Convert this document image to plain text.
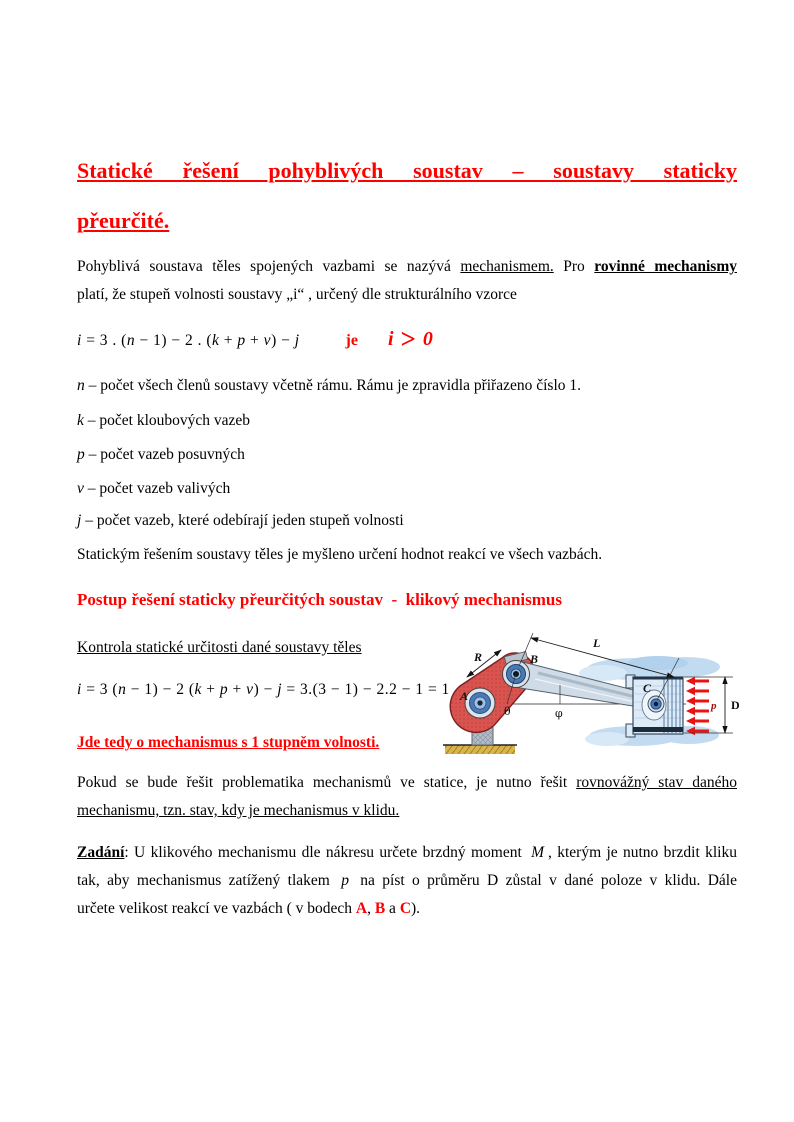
Statické řešení pohyblivých soustav – soustavy staticky
přeurčité.
Pohyblivá soustava těles spojených vazbami se nazývá mechanismem. Pro rovinné mechanismy
platí, že stupeň volnosti soustavy „i“ , určený dle strukturálního vzorce
i = 3 . (n − 1) − 2 . (k + p + v) − j	je i > 0
n – počet všech členů soustavy včetně rámu. Rámu je zpravidla přiřazeno číslo 1.
k – počet kloubových vazeb
p – počet vazeb posuvných
v – počet vazeb valivých
j – počet vazeb, které odebírají jeden stupeň volnosti
Statickým řešením soustavy těles je myšleno určení hodnot reakcí ve všech vazbách.
Postup řešení staticky přeurčitých soustav  -  klikový mechanismus
Kontrola statické určitosti dané soustavy těles
i = 3 (n − 1) − 2 (k + p + v) − j = 3.(3 − 1) − 2.2 − 1 = 1
Jde tedy o mechanismus s 1 stupněm volnosti.
R
L
A
B
C
θ	φ
p D
Pokud se bude řešit problematika mechanismů ve statice, je nutno řešit rovnovážný stav daného
mechanismu, tzn. stav, kdy je mechanismus v klidu.
Zadání: U klikového mechanismu dle nákresu určete brzdný moment M , kterým je nutno brzdit kliku
tak, aby mechanismus zatížený tlakem p na píst o průměru D zůstal v dané poloze v klidu. Dále
určete velikost reakcí ve vazbách ( v bodech A, B a C).
